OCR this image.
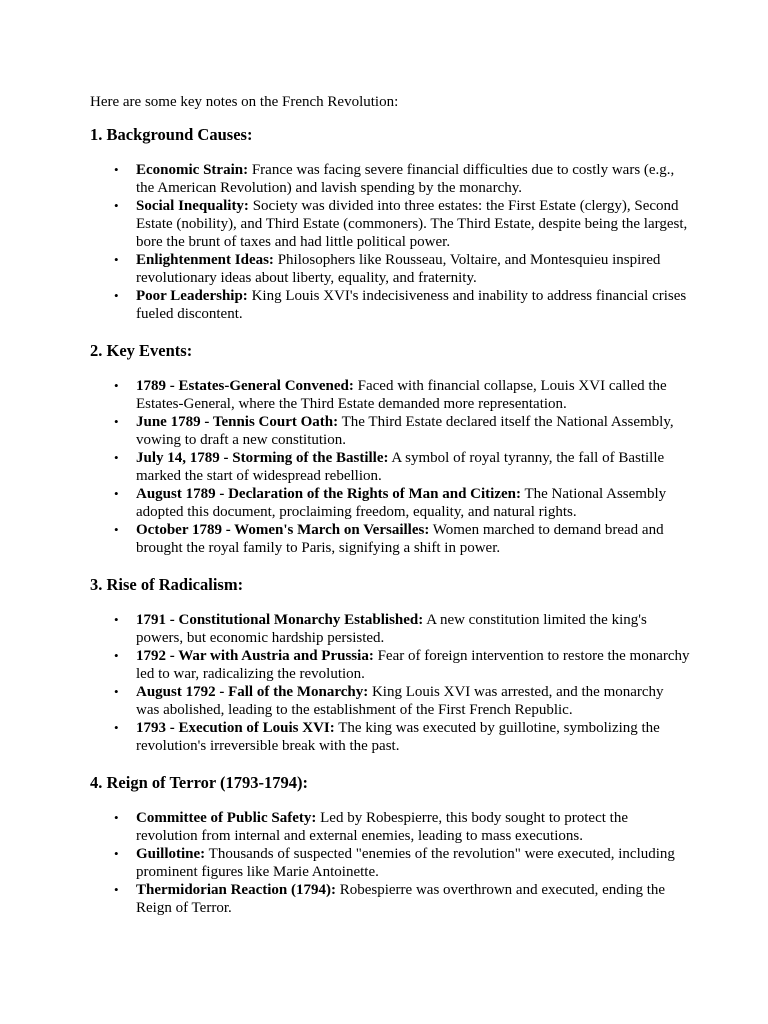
Here are some key notes on the French Revolution:

1. Background Causes:
• Economic Strain: France was facing severe financial difficulties due to costly wars (e.g., the American Revolution) and lavish spending by the monarchy.
• Social Inequality: Society was divided into three estates: the First Estate (clergy), Second Estate (nobility), and Third Estate (commoners). The Third Estate, despite being the largest, bore the brunt of taxes and had little political power.
• Enlightenment Ideas: Philosophers like Rousseau, Voltaire, and Montesquieu inspired revolutionary ideas about liberty, equality, and fraternity.
• Poor Leadership: King Louis XVI's indecisiveness and inability to address financial crises fueled discontent.
2. Key Events:
• 1789 - Estates-General Convened: Faced with financial collapse, Louis XVI called the Estates-General, where the Third Estate demanded more representation.
• June 1789 - Tennis Court Oath: The Third Estate declared itself the National Assembly, vowing to draft a new constitution.
• July 14, 1789 - Storming of the Bastille: A symbol of royal tyranny, the fall of Bastille marked the start of widespread rebellion.
• August 1789 - Declaration of the Rights of Man and Citizen: The National Assembly adopted this document, proclaiming freedom, equality, and natural rights.
• October 1789 - Women's March on Versailles: Women marched to demand bread and brought the royal family to Paris, signifying a shift in power.
3. Rise of Radicalism:
• 1791 - Constitutional Monarchy Established: A new constitution limited the king's powers, but economic hardship persisted.
• 1792 - War with Austria and Prussia: Fear of foreign intervention to restore the monarchy led to war, radicalizing the revolution.
• August 1792 - Fall of the Monarchy: King Louis XVI was arrested, and the monarchy was abolished, leading to the establishment of the First French Republic.
• 1793 - Execution of Louis XVI: The king was executed by guillotine, symbolizing the revolution's irreversible break with the past.
4. Reign of Terror (1793-1794):
• Committee of Public Safety: Led by Robespierre, this body sought to protect the revolution from internal and external enemies, leading to mass executions.
• Guillotine: Thousands of suspected "enemies of the revolution" were executed, including prominent figures like Marie Antoinette.
• Thermidorian Reaction (1794): Robespierre was overthrown and executed, ending the Reign of Terror.
